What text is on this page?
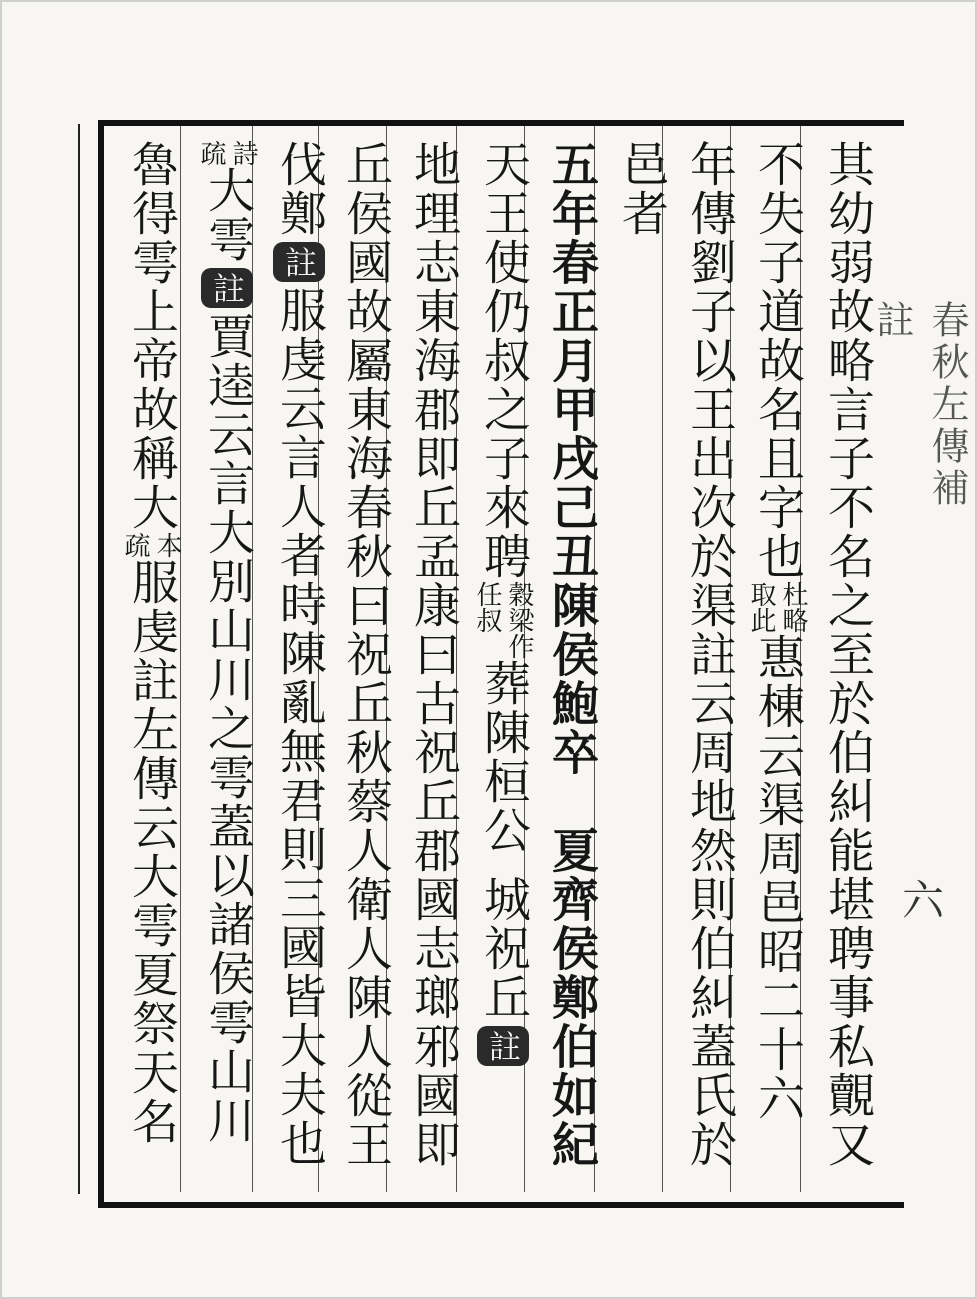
其幼弱故略言子不名之至於伯糾能堪聘事私覿又
不失子道故名且字也
杜略
取此
惠棟云渠周邑昭二十六
年傳劉子以王出次於渠註云周地然則伯糾蓋氏於
邑者
五年春正月甲戌己丑陳侯鮑卒　夏齊侯鄭伯如紀
天王使仍叔之子來聘
穀梁作
任叔
葬陳桓公
城祝丘
註
地理志東海郡即丘孟康曰古祝丘郡國志瑯邪國即
丘侯國故屬東海春秋曰祝丘秋蔡人衛人陳人從王
伐鄭
註
服虔云言人者時陳亂無君則三國皆大夫也
詩
疏
大雩
註
賈逵云言大別山川之雩蓋以諸侯雩山川
魯得雩上帝故稱大
本
疏
服虔註左傳云大雩夏祭天名
春秋左傳補註
六
